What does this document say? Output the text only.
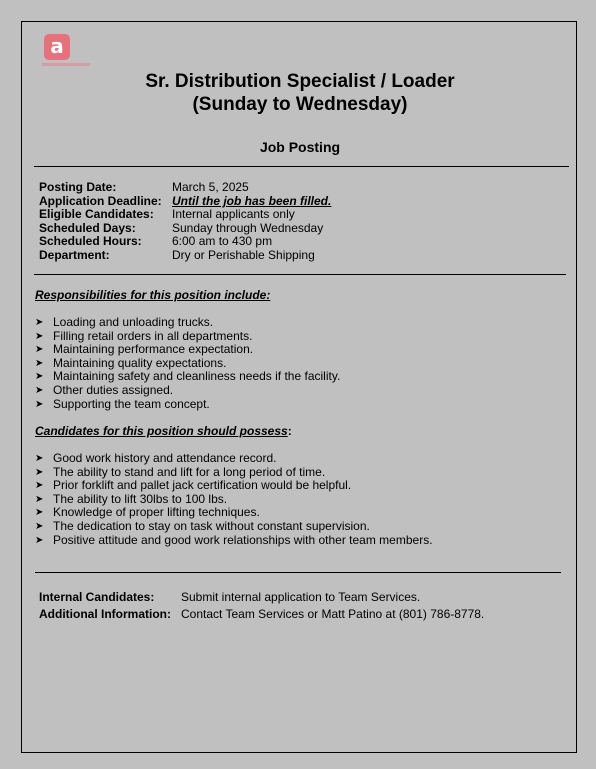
a
Sr. Distribution Specialist / Loader
(Sunday to Wednesday)
Job Posting
Posting Date:	March 5, 2025
Application Deadline: Until the job has been filled.
Eligible Candidates:	Internal applicants only
Scheduled Days:	Sunday through Wednesday
Scheduled Hours:	6:00 am to 430 pm
Department:	Dry or Perishable Shipping
Responsibilities for this position include:
➤ Loading and unloading trucks.
➤ Filling retail orders in all departments.
➤ Maintaining performance expectation.
➤ Maintaining quality expectations.
➤ Maintaining safety and cleanliness needs if the facility.
➤ Other duties assigned.
➤ Supporting the team concept.
Candidates for this position should possess:
➤ Good work history and attendance record.
➤ The ability to stand and lift for a long period of time.
➤ Prior forklift and pallet jack certification would be helpful.
➤ The ability to lift 30lbs to 100 lbs.
➤ Knowledge of proper lifting techniques.
➤ The dedication to stay on task without constant supervision.
➤ Positive attitude and good work relationships with other team members.
Internal Candidates:	Submit internal application to Team Services.
Additional Information: Contact Team Services or Matt Patino at (801) 786-8778.
